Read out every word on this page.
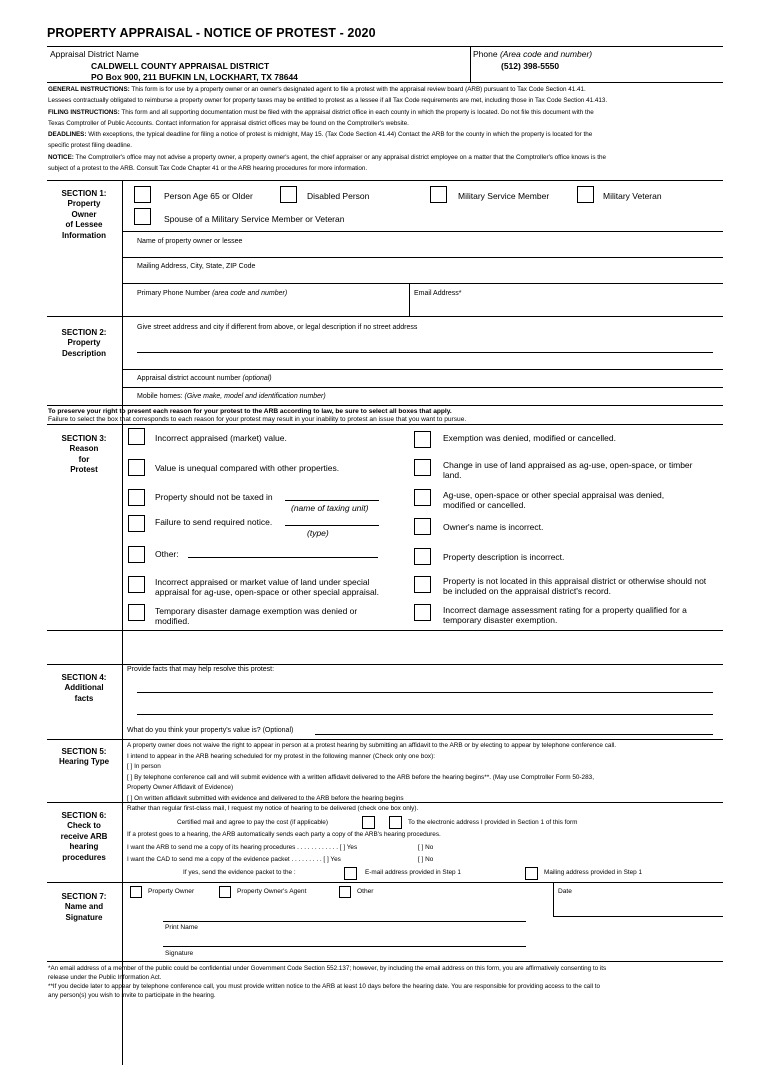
PROPERTY APPRAISAL - NOTICE OF PROTEST - 2020
Appraisal District Name
CALDWELL COUNTY APPRAISAL DISTRICT
PO Box 900, 211 BUFKIN LN, LOCKHART, TX 78644
Phone (Area code and number)
(512) 398-5550
GENERAL INSTRUCTIONS: This form is for use by a property owner or an owner's designated agent to file a protest with the appraisal review board (ARB) pursuant to Tax Code Section 41.41.
Lessees contractually obligated to reimburse a property owner for property taxes may be entitled to protest as a lessee if all Tax Code requirements are met, including those in Tax Code Section 41.413.
FILING INSTRUCTIONS: This form and all supporting documentation must be filed with the appraisal district office in each county in which the property is located. Do not file this document with the
Texas Comptroller of Public Accounts. Contact information for appraisal district offices may be found on the Comptroller's website.
DEADLINES: With exceptions, the typical deadline for filing a notice of protest is midnight, May 15. (Tax Code Section 41.44) Contact the ARB for the county in which the property is located for the
specific protest filing deadline.
NOTICE: The Comptroller's office may not advise a property owner, a property owner's agent, the chief appraiser or any appraisal district employee on a matter that the Comptroller's office knows is the
subject of a protest to the ARB. Consult Tax Code Chapter 41 or the ARB hearing procedures for more information.
SECTION 1:
Property
Owner
of Lessee
Information
Person Age 65 or Older	Disabled Person	Military Service Member	Military Veteran
Spouse of a Military Service Member or Veteran
Name of property owner or lessee
Mailing Address, City, State, ZIP Code
Primary Phone Number (area code and number)	Email Address*
SECTION 2:
Property
Description
Give street address and city if different from above, or legal description if no street address
Appraisal district account number (optional)
Mobile homes: (Give make, model and identification number)
To preserve your right to present each reason for your protest to the ARB according to law, be sure to select all boxes that apply.
Failure to select the box that corresponds to each reason for your protest may result in your inability to protest an issue that you want to pursue.
SECTION 3:
Reason
for
Protest
Incorrect appraised (market) value.
Value is unequal compared with other properties.
Property should not be taxed in
(name of taxing unit)
Failure to send required notice.
(type)
Other:
Incorrect appraised or market value of land under special appraisal for ag-use, open-space or other special appraisal.
Temporary disaster damage exemption was denied or modified.
Exemption was denied, modified or cancelled.
Change in use of land appraised as ag-use, open-space, or timber land.
Ag-use, open-space or other special appraisal was denied, modified or cancelled.
Owner's name is incorrect.
Property description is incorrect.
Property is not located in this appraisal district or otherwise should not be included on the appraisal district's record.
Incorrect damage assessment rating for a property qualified for a temporary disaster exemption.
SECTION 4:
Additional
facts
Provide facts that may help resolve this protest:
What do you think your property's value is? (Optional)
SECTION 5:
Hearing Type
A property owner does not waive the right to appear in person at a protest hearing by submitting an affidavit to the ARB or by electing to appear by telephone conference call.
I intend to appear in the ARB hearing scheduled for my protest in the following manner (Check only one box):
[ ] In person
[ ] By telephone conference call and will submit evidence with a written affidavit delivered to the ARB before the hearing begins**. (May use Comptroller Form 50-283,
Property Owner Affidavit of Evidence)
[ ] On written affidavit submitted with evidence and delivered to the ARB before the hearing begins
SECTION 6:
Check to
receive ARB
hearing
procedures
Rather than regular first-class mail, I request my notice of hearing to be delivered (check one box only).
Certified mail and agree to pay the cost (if applicable)	To the electronic address I provided in Section 1 of this form
If a protest goes to a hearing, the ARB automatically sends each party a copy of the ARB's hearing procedures.
I want the ARB to send me a copy of its hearing procedures . . . . . . . . . . . . [ ] Yes	[ ] No
I want the CAD to send me a copy of the evidence packet . . . . . . . . . [ ] Yes	[ ] No
If yes, send the evidence packet to the :	E-mail address provided in Step 1	Mailing address provided in Step 1
SECTION 7:
Name and
Signature
Property Owner	Property Owner's Agent	Other	Date
Print Name
Signature
*An email address of a member of the public could be confidential under Government Code Section 552.137; however, by including the email address on this form, you are affirmatively consenting to its
release under the Public Information Act.
**If you decide later to appear by telephone conference call, you must provide written notice to the ARB at least 10 days before the hearing date. You are responsible for providing access to the call to
any person(s) you wish to invite to participate in the hearing.
